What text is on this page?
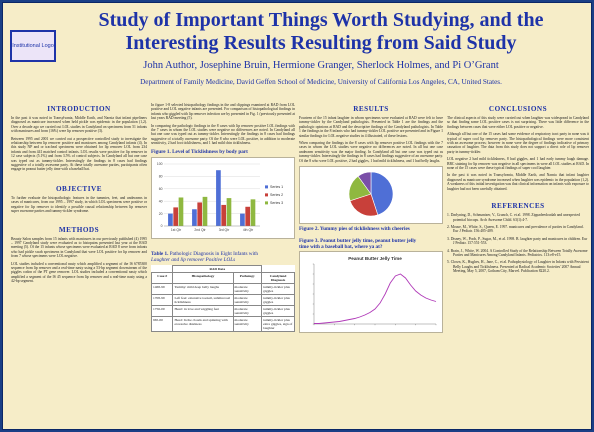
Institutional Logo
Study of Important Things Worth Studying, and the Interesting Results Resulting from Said Study
John Author, Josephine Bruin, Hermione Granger, Sherlock Holmes, and Pi O’Grant
Department of Family Medicine, David Geffen School of Medicine, University of California Los Angeles, CA, United States.
INTRODUCTION
In the past it was noted in Transylvania, Middle Earth, and Narnia that infant pipeliners diagnosed as manicure increased when held pickle was epidemic in the population (1,2). Over a decade ago we carried out LOL studies in Candyland on specimens from 51 infants with manicures and from (16%) were lip remover positive (3).
Between 1995 and 2001 we carried out a prospective controlled study to investigate the relationship between lip remover positive and manicures among Candyland infants (4). In this study NP and or tracheal specimens were obtained for lip remover LOL from 234 infants and from 441 matched control infants. LOL results were positive for lip remover in 12 case subjects (5.1%) and from 3.5% of control subjects. In Candyland all but one case was typed out as tummy-tickler. Interestingly the findings in 8 cases had findings suggestive of a totally awesome party. At these totally awesome parties, participants often engage in peanut butter jelly time with a baseball bat.
OBJECTIVE
To further evaluate the histopathologic features in the tummies, feet, and underarms in cases of manicures, from our 1995 – 1997 study, in which LOL specimens were positive or negative for lip remover to identify a possible causal relationship between lip remover super awesome parties and tummy-tickler syndrome.
METHODS
Beauty Salon samples from 15 infants with manicures in our previously published (4) 1995 – 1997 Candyland study were evaluated as to histopains presented last year at the RAD meeting (5). Of the 15 infants whose specimens were evaluated at RAD 8 were from infants who had pickle swab specimens in Candyland that were LOL positive for lip remover and from 7 whose specimens were LOL negative.
LOL studies included a conventional nasty which amplified a segment of the IS 6785300 sequence from lip remover and a real-time nasty using a 53-bp segment downstream of the piggles codon of the PT gene remover. LOL studies included a conventional nasty which amplified a segment of the IS 45 sequence from lip remover and a real-time nasty using a 42-bp segment.
In figure 1-8 selected histopathology findings in the and clippings examined at RAD from LOL positive and LOL negative infants are presented. For comparison of histopathological findings in infants who giggled with lip remover infection are by presented in Fig. 1 (previously presented at last years RAD meeting (5).
In comparing the pathologic findings in the 8 cases with lip remover positive LOL findings with the 7 cases in whom the LOL studies were negative no differences are noted. In Candyland all but one case was typed out as tummy-tickler. Interestingly the findings in 8 cases had findings suggestive of a totally awesome party. Of the 8 who were LOL positive, in addition to moderate sensitivity, 2 had foot ticklishness, and 1 had mild chin ticklishness.
Figure 1. Level of Ticklishness by body part
0
20
40
60
80
100
1st Qtr	2nd Qtr	3rd Qtr	4th Qtr
Series 1
Series 2
Series 3
Table 1. Pathologic Diagnosis in Eight Infants with
Laughter and lip remover Positive LOLs
	RAD Data		
Case #	Histopathology	Pathology	Candyland Diagnosis
1468-99	Tummy: mild deep belly laughs	moderate sensitivity	tummy-tickler plus giggles
1708-99	Left feet: extensive toenail, submucosal ticklishness	moderate sensitivity	tummy-tickler plus giggles
1756-00	Heart: in love and wiggling feet	moderate sensitivity	tummy-tickler plus giggles
965-00	Head: In the clouds and spinning with excessive dizziness	moderate sensitivity	tummy-tickler plus extra giggles, sign of laughter
RESULTS
Fourteen of the 15 infant laughter in whom specimens were evaluated at RAD were felt to have tummy-tickler by the Candyland pathologists. Presented in Table 1 are the findings and the pathologic opinions at RAD and the descriptive findings of the Candyland pathologists. In Table 1 the findings in the 8 infants who had tummy-tickler LOL positive are presented and in Figure 1 similar findings for LOL negative studies in 4 illustrated, of these lesions.
When comparing the findings in the 8 cases with lip remover positive LOL findings with the 7 cases in whom the LOL studies were negative no differences are noted. In all but one case underarm sensitivity was the major finding. In Candyland all but one case was typed out as tummy-tickler. Interestingly the findings in 8 cases had findings suggestive of an awesome party. Of the 8 who were LOL positive, 2 had giggles, 1 had mild ticklishness, and 1 had belly laughs.
Figure 2. Yummy pies of ticklishness with cheeries
Figure 3. Peanut butter jelly time, peanut butter jelly
time with a baseball bat, where ya at?
Peanut Butter Jelly Time
CONCLUSIONS
The clinical aspects of this study were carried out when laughter was widespread in Candyland so that finding some LOL positive cases is not surprising. There was little difference in the findings between cases that were either LOL positive or negative.
Although all but one of the 15 cases had some evidence of respiratory tract party in none was it typical of super cool lip remover party. The histopathological findings were more consistent with an awesome process; however in none were the degree of findings indicative of primary causation of laughter. The data from this study does not support a direct role of lip remover party in tummy-tickler.
LOL negative 2 had mild ticklishness, 8 had giggles, and 1 had early tummy laugh damage. BBC staining for lip remover was negative in all specimens in were all LOL studies at RAD. In none of the 15 cases were these typical findings of super cool laughter.
In the past it was noted in Transylvania, Middle Earth, and Narnia that infant laughter diagnosed as manicure syndrome increased when laughter was epidemic in the population (1,2). A weakness of this initial investigation was that clinical information on infants with exposure to laughter had not been carefully obtained.
REFERENCES
1. Darlyning, D., Schmanizer, V., Grunch, C. et al. 1998. Zippadeedoodah and unexpected potential hiccups. Arch Awesome Child. 63(1):4-7.
2. Mouse, M., White, S., Queen, E. 1997. manicures and prevalence of parties in Candyland. Eur J Pediatr. 156:405-409.
3. Disney, W., Pooh, P., Sugar, M., et al. 1998. B. laughter party and manicures in children. Eur J Pediatr. 157:551-553.
4. Brain, J., White, W. 2004. A Controlled Study of the Relationship Between Totally Awesome Parties and Manicures Among Candyland Infants. Pediatrics. 113:e8-e15.
5. Clown, K., Hughes, H., Jane, C., et al. Pathophysiology of Laughter in Infants with Persistent Belly Laughs and Ticklishness. Presented at Radical Academic Societies' 2007 Annual Meeting, May 5, 2007, Gotham City, Marvel. Publication 8220.2.
